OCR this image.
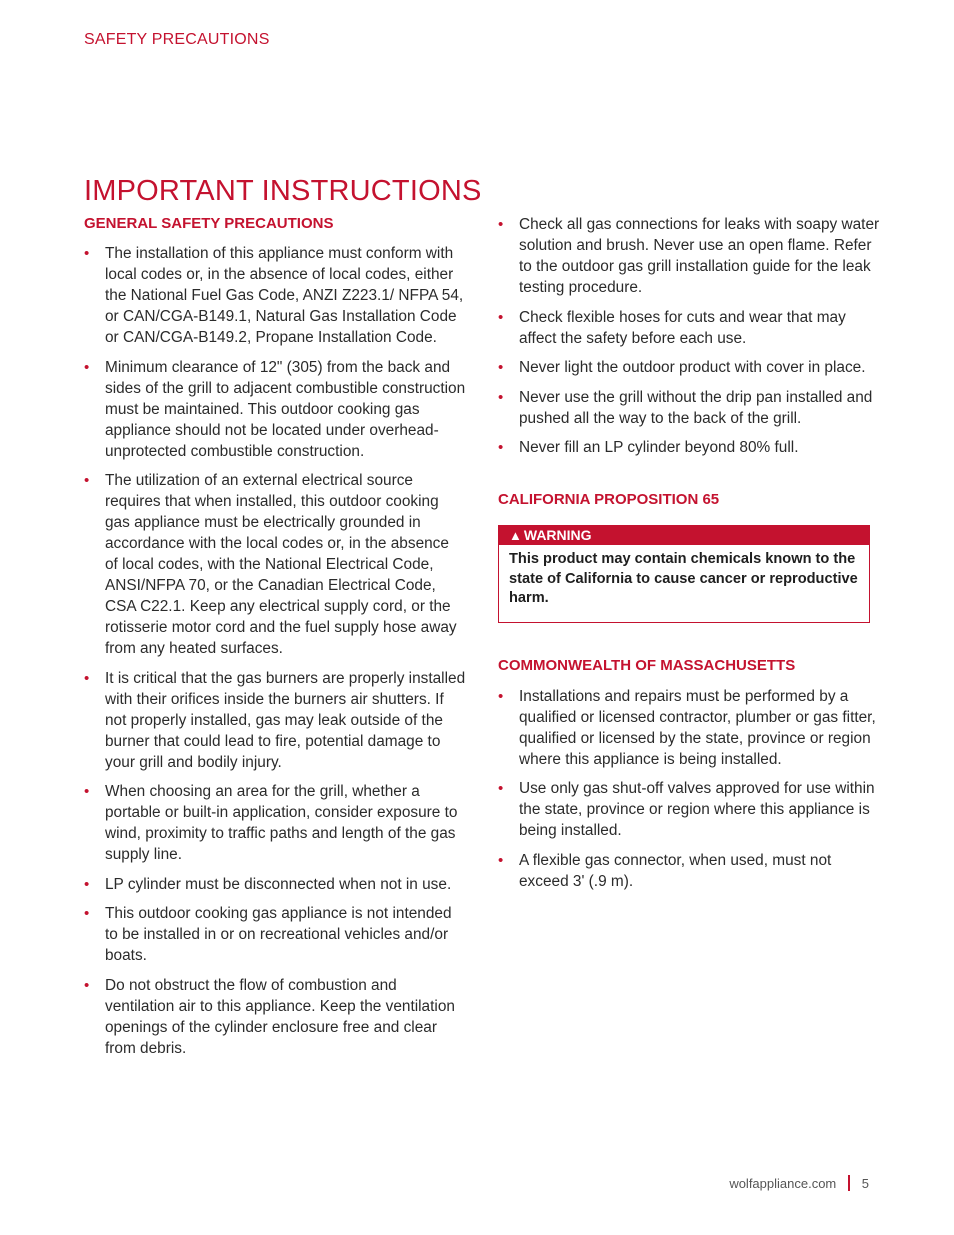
SAFETY PRECAUTIONS
IMPORTANT INSTRUCTIONS
GENERAL SAFETY PRECAUTIONS
• The installation of this appliance must conform with local codes or, in the absence of local codes, either the National Fuel Gas Code, ANZI Z223.1/ NFPA 54, or CAN/CGA-B149.1, Natural Gas Installation Code or CAN/CGA-B149.2, Propane Installation Code.
• Minimum clearance of 12" (305) from the back and sides of the grill to adjacent combustible construction must be maintained. This outdoor cooking gas appliance should not be located under overhead-unprotected combustible construction.
• The utilization of an external electrical source requires that when installed, this outdoor cooking gas appliance must be electrically grounded in accordance with the local codes or, in the absence of local codes, with the National Electrical Code, ANSI/NFPA 70, or the Canadian Electrical Code, CSA C22.1. Keep any electrical supply cord, or the rotisserie motor cord and the fuel supply hose away from any heated surfaces.
• It is critical that the gas burners are properly installed with their orifices inside the burners air shutters. If not properly installed, gas may leak outside of the burner that could lead to fire, potential damage to your grill and bodily injury.
• When choosing an area for the grill, whether a portable or built-in application, consider exposure to wind, proximity to traffic paths and length of the gas supply line.
• LP cylinder must be disconnected when not in use.
• This outdoor cooking gas appliance is not intended to be installed in or on recreational vehicles and/or boats.
• Do not obstruct the flow of combustion and ventilation air to this appliance. Keep the ventilation openings of the cylinder enclosure free and clear from debris.
• Check all gas connections for leaks with soapy water solution and brush. Never use an open flame. Refer to the outdoor gas grill installation guide for the leak testing procedure.
• Check flexible hoses for cuts and wear that may affect the safety before each use.
• Never light the outdoor product with cover in place.
• Never use the grill without the drip pan installed and pushed all the way to the back of the grill.
• Never fill an LP cylinder beyond 80% full.
CALIFORNIA PROPOSITION 65
▲ WARNING
This product may contain chemicals known to the state of California to cause cancer or reproductive harm.
COMMONWEALTH OF MASSACHUSETTS
• Installations and repairs must be performed by a qualified or licensed contractor, plumber or gas fitter, qualified or licensed by the state, province or region where this appliance is being installed.
• Use only gas shut-off valves approved for use within the state, province or region where this appliance is being installed.
• A flexible gas connector, when used, must not exceed 3' (.9 m).
wolfappliance.com 5
